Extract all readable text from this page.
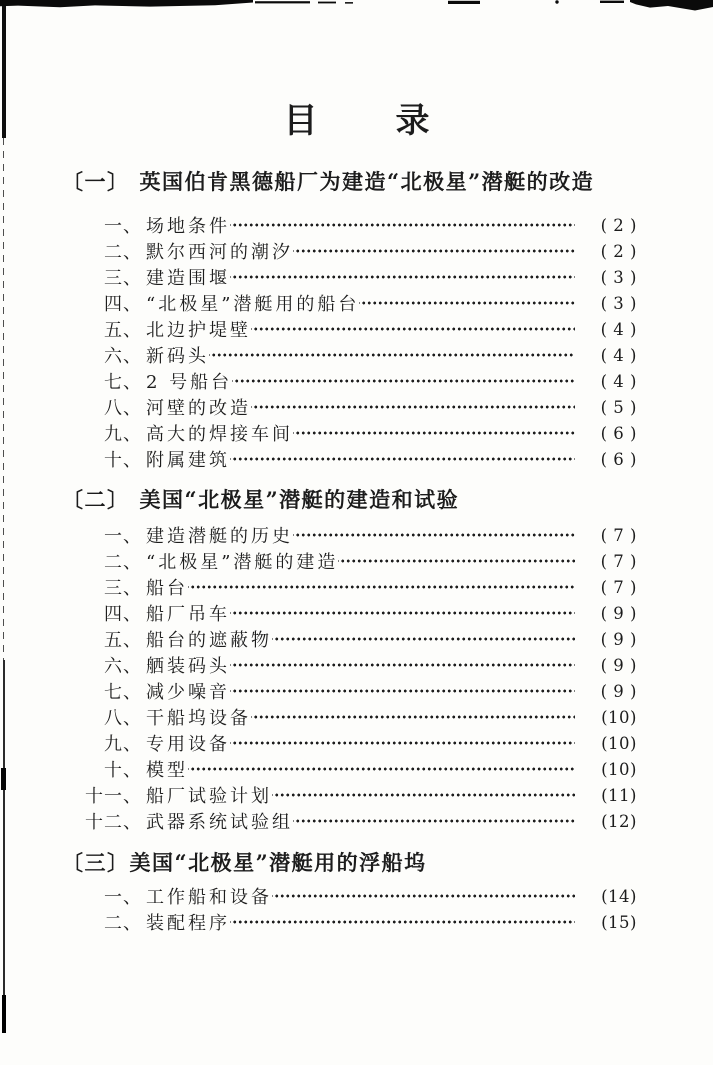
目 录
〔一〕 英国伯肯黑德船厂为建造“北极星”潜艇的改造
一、 场地条件	( 2 )
二、 默尔西河的潮汐	( 2 )
三、 建造围堰	( 3 )
四、 “北极星”潜艇用的船台	( 3 )
五、 北边护堤壁	( 4 )
六、 新码头	( 4 )
七、 2 号船台	( 4 )
八、 河壁的改造	( 5 )
九、 高大的焊接车间	( 6 )
十、 附属建筑	( 6 )
〔二〕 美国“北极星”潜艇的建造和试验
一、 建造潜艇的历史	( 7 )
二、 “北极星”潜艇的建造	( 7 )
三、 船台	( 7 )
四、 船厂吊车	( 9 )
五、 船台的遮蔽物	( 9 )
六、 舾装码头	( 9 )
七、 减少噪音	( 9 )
八、 干船坞设备	(10)
九、 专用设备	(10)
十、 模型	(10)
十一、 船厂试验计划	(11)
十二、 武器系统试验组	(12)
〔三〕美国“北极星”潜艇用的浮船坞
一、 工作船和设备	(14)
二、 装配程序	(15)
